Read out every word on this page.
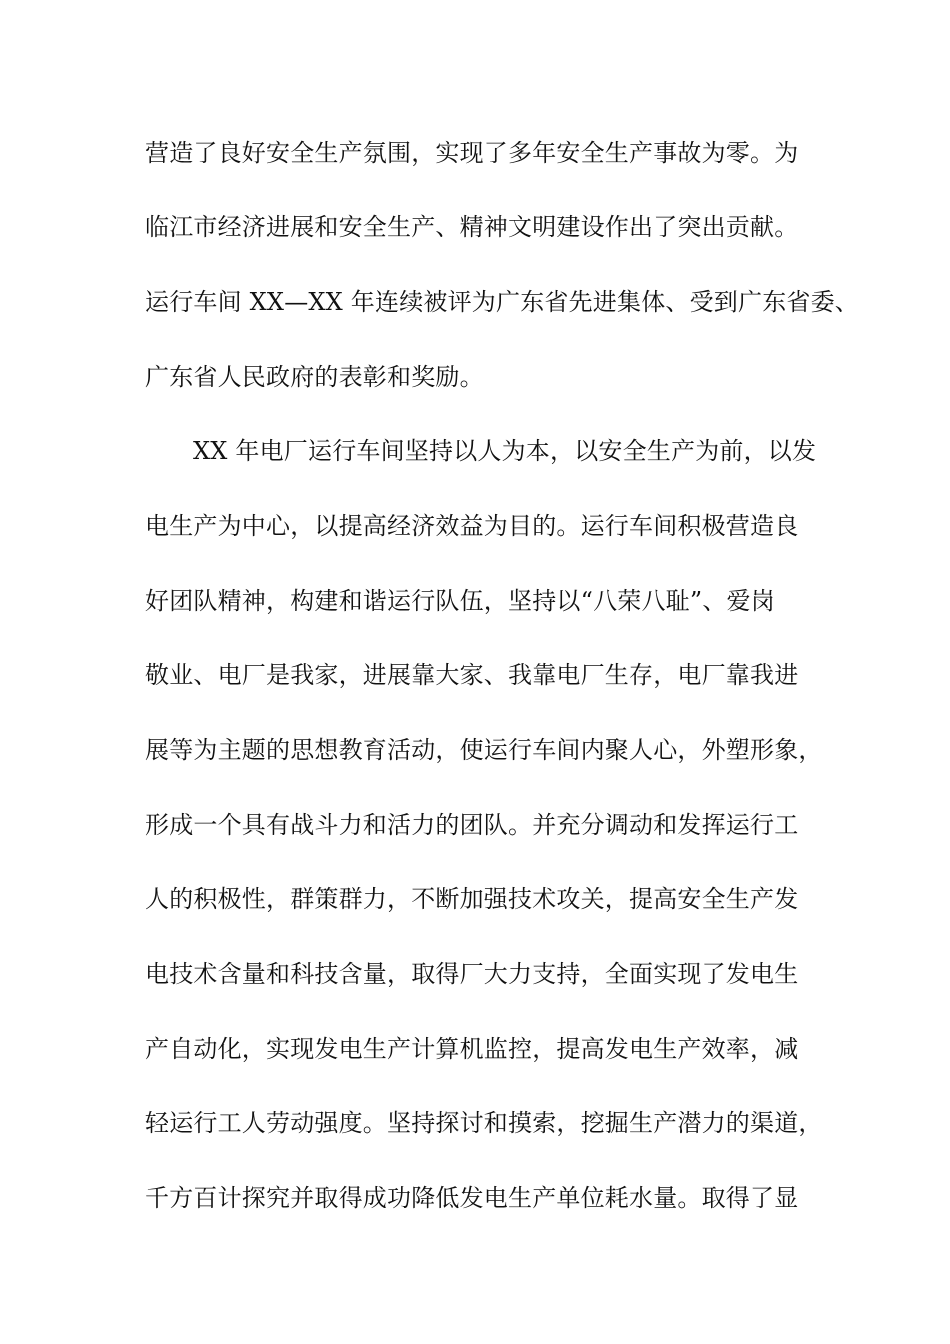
营造了良好安全生产氛围，实现了多年安全生产事故为零。为
临江市经济进展和安全生产、精神文明建设作出了突出贡献。
运行车间 XX—XX 年连续被评为广东省先进集体、受到广东省委、
广东省人民政府的表彰和奖励。
XX 年电厂运行车间坚持以人为本，以安全生产为前，以发
电生产为中心，以提高经济效益为目的。运行车间积极营造良
好团队精神，构建和谐运行队伍，坚持以“八荣八耻”、爱岗
敬业、电厂是我家，进展靠大家、我靠电厂生存，电厂靠我进
展等为主题的思想教育活动，使运行车间内聚人心，外塑形象，
形成一个具有战斗力和活力的团队。并充分调动和发挥运行工
人的积极性，群策群力，不断加强技术攻关，提高安全生产发
电技术含量和科技含量，取得厂大力支持，全面实现了发电生
产自动化，实现发电生产计算机监控，提高发电生产效率，减
轻运行工人劳动强度。坚持探讨和摸索，挖掘生产潜力的渠道，
千方百计探究并取得成功降低发电生产单位耗水量。取得了显
